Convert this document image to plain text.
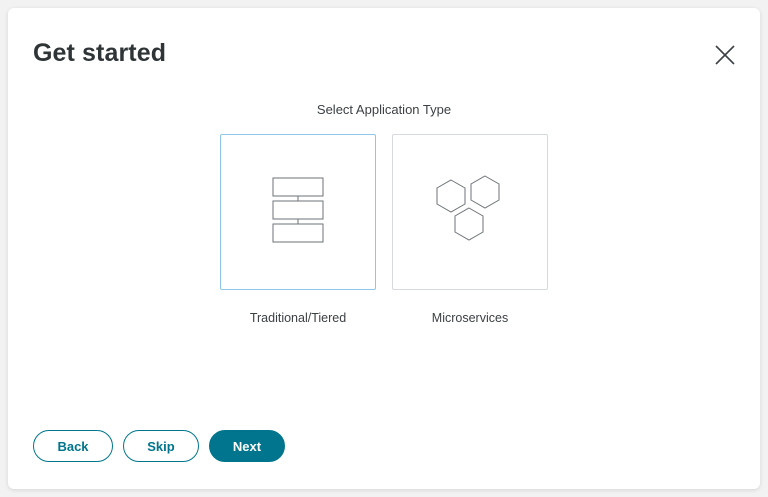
Get started
Select Application Type
Traditional/Tiered	Microservices
Back	Skip	Next
